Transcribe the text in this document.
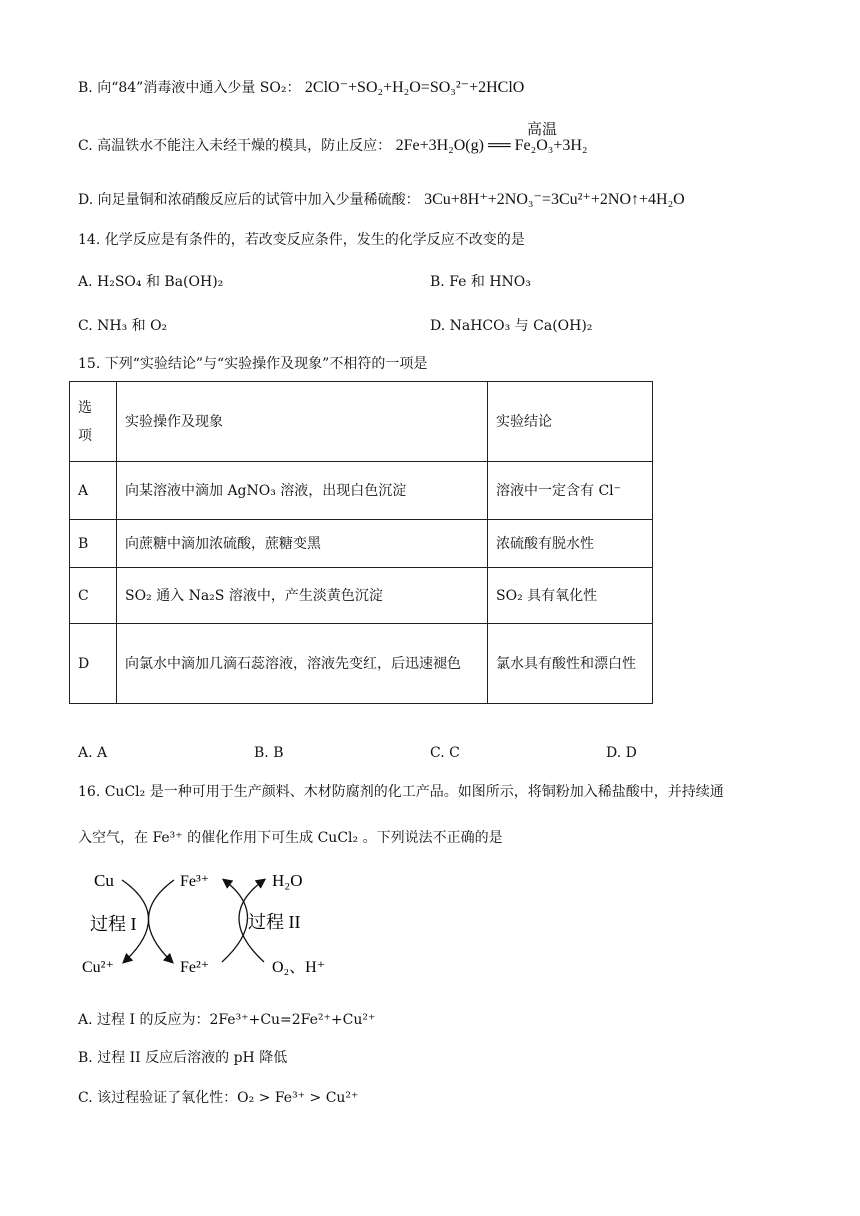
B. 向“84”消毒液中通入少量 SO₂： 2ClO⁻+SO₂+H₂O=SO₃²⁻+2HClO
C. 高温铁水不能注入未经干燥的模具，防止反应： 2Fe+3H₂O(g) ══ Fe₂O₃+3H₂
高温
D. 向足量铜和浓硝酸反应后的试管中加入少量稀硫酸： 3Cu+8H⁺+2NO₃⁻=3Cu²⁺+2NO↑+4H₂O
14. 化学反应是有条件的，若改变反应条件，发生的化学反应不改变的是
A. H₂SO₄ 和 Ba(OH)₂	B. Fe 和 HNO₃
C. NH₃ 和 O₂	D. NaHCO₃ 与 Ca(OH)₂
15. 下列“实验结论”与“实验操作及现象”不相符的一项是
选项	实验操作及现象	实验结论
A	向某溶液中滴加 AgNO₃ 溶液，出现白色沉淀	溶液中一定含有 Cl⁻
B	向蔗糖中滴加浓硫酸，蔗糖变黑	浓硫酸有脱水性
C	SO₂ 通入 Na₂S 溶液中，产生淡黄色沉淀	SO₂ 具有氧化性
D	向氯水中滴加几滴石蕊溶液，溶液先变红，后迅速褪色	氯水具有酸性和漂白性
A. A	B. B	C. C	D. D
16. CuCl₂ 是一种可用于生产颜料、木材防腐剂的化工产品。如图所示，将铜粉加入稀盐酸中，并持续通
入空气，在 Fe³⁺ 的催化作用下可生成 CuCl₂ 。下列说法不正确的是
Cu
Cu²⁺
Fe³⁺
Fe²⁺
H₂O
O₂、H⁺
过程 I	过程 II
A. 过程 I 的反应为：2Fe³⁺+Cu=2Fe²⁺+Cu²⁺
B. 过程 II 反应后溶液的 pH 降低
C. 该过程验证了氧化性：O₂ > Fe³⁺ > Cu²⁺
